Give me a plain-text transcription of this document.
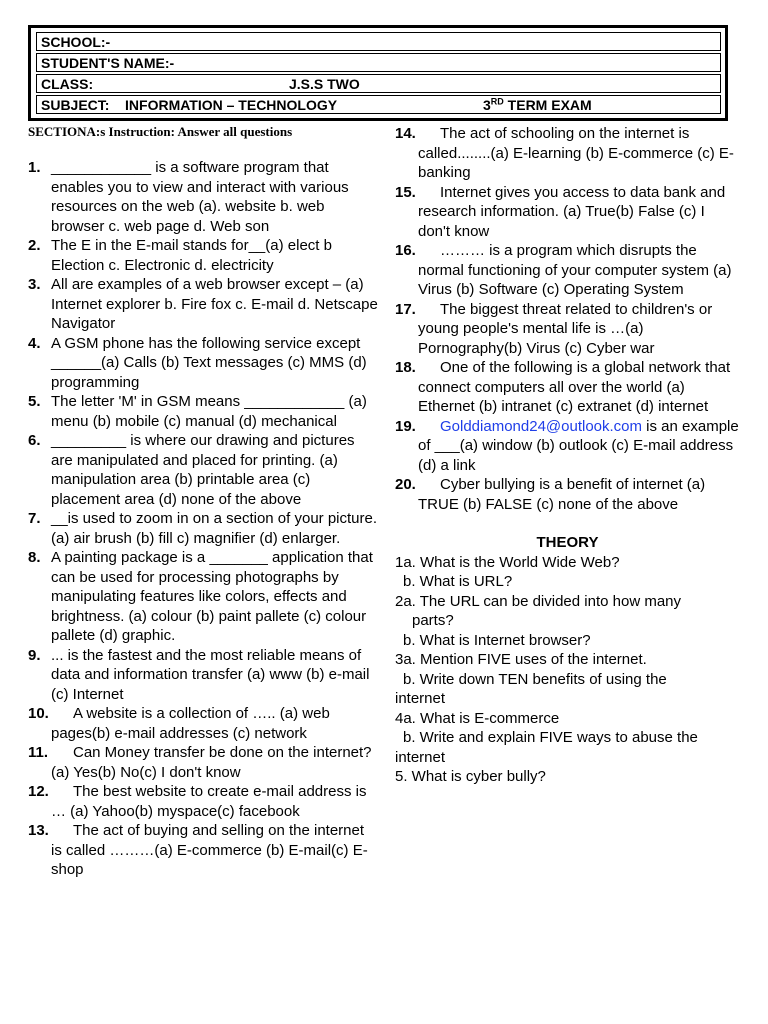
SCHOOL:-
STUDENT'S NAME:-
CLASS:	J.S.S TWO
SUBJECT:    INFORMATION – TECHNOLOGY	3RD TERM EXAM
SECTIONA:s Instruction: Answer all questions
1. ____________ is a software program that enables you to view and interact with various resources on the web (a). website b. web browser c. web page d. Web son
2. The E in the E-mail stands for__(a) elect b Election c. Electronic d. electricity
3. All are examples of a web browser except – (a) Internet explorer b. Fire fox c. E-mail d. Netscape Navigator
4. A GSM phone has the following service except ______(a) Calls (b) Text messages (c) MMS (d) programming
5. The letter 'M' in GSM means ____________ (a) menu (b) mobile (c) manual (d) mechanical
6. _________ is where our drawing and pictures are manipulated and placed for printing. (a) manipulation area (b) printable area (c) placement area (d) none of the above
7. __is used to zoom in on a section of your picture. (a) air brush (b) fill c) magnifier (d) enlarger.
8. A painting package is a _______ application that can be used for processing photographs by manipulating features like colors, effects and brightness. (a) colour (b) paint pallete (c) colour pallete (d) graphic.
9. ... is the fastest and the most reliable means of data and information transfer (a) www (b) e-mail (c) Internet
10.	A website is a collection of ….. (a) web pages(b) e-mail addresses (c) network
11.	Can Money transfer be done on the internet? (a) Yes(b) No(c) I don't know
12.	The best website to create e-mail address is … (a) Yahoo(b) myspace(c) facebook
13.	The act of buying and selling on the internet is called ………(a) E-commerce (b) E-mail(c) E-shop
14.	The act of schooling on the internet is called........(a) E-learning (b) E-commerce (c) E-banking
15.	Internet gives you access to data bank and research information. (a) True(b) False (c) I don't know
16.	……… is a program which disrupts the normal functioning of your computer system (a) Virus (b) Software (c) Operating System
17.	The biggest threat related to children's or young people's mental life is …(a) Pornography(b) Virus (c) Cyber war
18.	One of the following is a global network that connect computers all over the world (a) Ethernet (b) intranet (c) extranet (d) internet
19.	Golddiamond24@outlook.com is an example of ___(a) window (b) outlook (c) E-mail address (d) a link
20.	Cyber bullying is a benefit of internet (a) TRUE (b) FALSE (c) none of the above
THEORY
1a. What is the World Wide Web?
b. What is URL?
2a. The URL can be divided into how many
parts?
b. What is Internet browser?
3a. Mention FIVE uses of the internet.
b. Write down TEN benefits of using the
internet
4a. What is E-commerce
b. Write and explain FIVE ways to abuse the
internet
5. What is cyber bully?
